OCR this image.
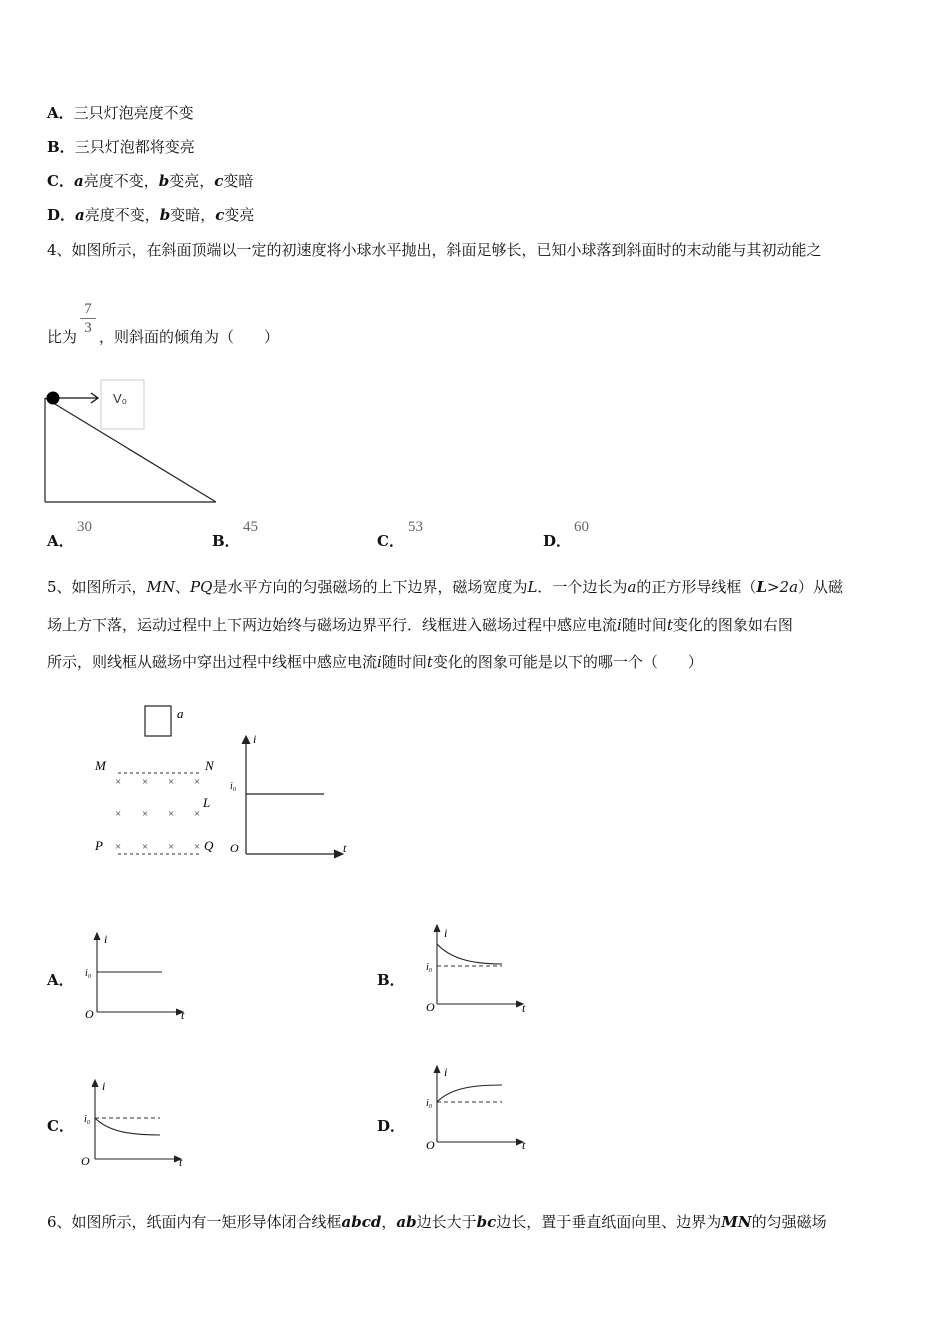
A．三只灯泡亮度不变
B．三只灯泡都将变亮
C．a亮度不变，b变亮，c变暗
D．a亮度不变，b变暗，c变亮
4、如图所示，在斜面顶端以一定的初速度将小球水平抛出，斜面足够长，已知小球落到斜面时的末动能与其初动能之
比为 ，则斜面的倾角为（　　）
7
3
V₀
A．
30
B．
45
C．
53
D．
60
5、如图所示，MN、PQ是水平方向的匀强磁场的上下边界，磁场宽度为L．一个边长为a的正方形导线框（L>2a）从磁
场上方下落，运动过程中上下两边始终与磁场边界平行．线框进入磁场过程中感应电流i随时间t变化的图象如右图
所示，则线框从磁场中穿出过程中线框中感应电流i随时间t变化的图象可能是以下的哪一个（　　）
a
M	N
× × × ×
× × × ×
× × × ×
L
P	Q
i
i₀
O	t
A．
i
i₀
O	t
B．
i
i₀
O	t
C．
i
i₀
O	t
D．
i
i₀
O	t
6、如图所示，纸面内有一矩形导体闭合线框abcd，ab边长大于bc边长，置于垂直纸面向里、边界为MN的匀强磁场
